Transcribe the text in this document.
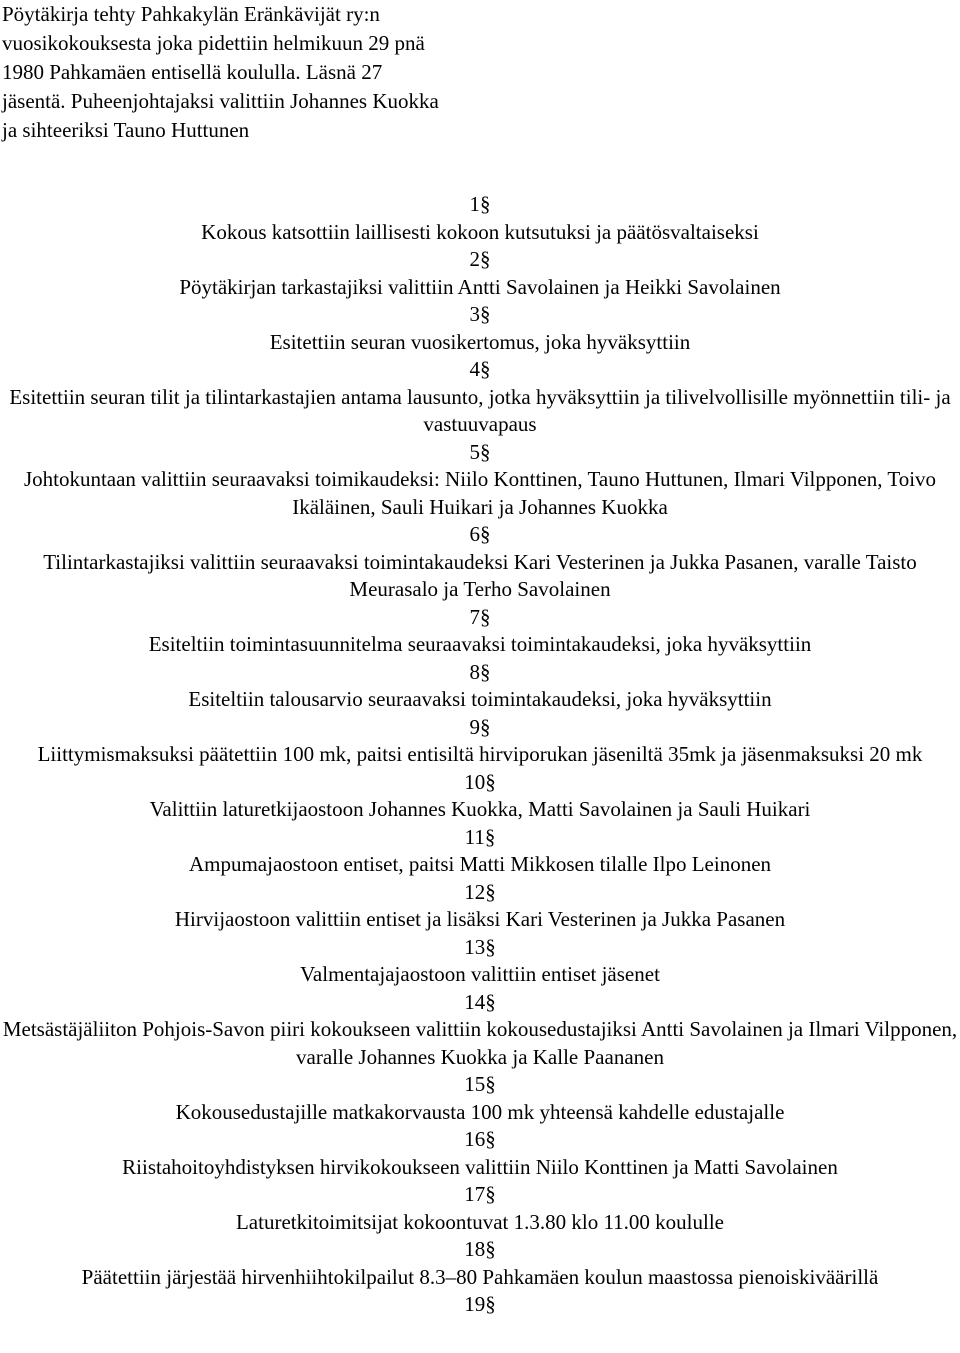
Pöytäkirja tehty Pahkakylän Eränkävijät ry:n
vuosikokouksesta joka pidettiin helmikuun 29 pnä
1980 Pahkamäen entisellä koululla. Läsnä 27
jäsentä. Puheenjohtajaksi valittiin Johannes Kuokka
ja sihteeriksi Tauno Huttunen
1§
Kokous katsottiin laillisesti kokoon kutsutuksi ja päätösvaltaiseksi
2§
Pöytäkirjan tarkastajiksi valittiin Antti Savolainen ja Heikki Savolainen
3§
Esitettiin seuran vuosikertomus, joka hyväksyttiin
4§
Esitettiin seuran tilit ja tilintarkastajien antama lausunto, jotka hyväksyttiin ja tilivelvollisille myönnettiin tili- ja vastuuvapaus
5§
Johtokuntaan valittiin seuraavaksi toimikaudeksi: Niilo Konttinen, Tauno Huttunen, Ilmari Vilpponen, Toivo Ikäläinen, Sauli Huikari ja Johannes Kuokka
6§
Tilintarkastajiksi valittiin seuraavaksi toimintakaudeksi Kari Vesterinen ja Jukka Pasanen, varalle Taisto Meurasalo ja Terho Savolainen
7§
Esiteltiin toimintasuunnitelma seuraavaksi toimintakaudeksi, joka hyväksyttiin
8§
Esiteltiin talousarvio seuraavaksi toimintakaudeksi, joka hyväksyttiin
9§
Liittymismaksuksi päätettiin 100 mk, paitsi entisiltä hirviporukan jäseniltä 35mk ja jäsenmaksuksi 20 mk
10§
Valittiin laturetkijaostoon Johannes Kuokka, Matti Savolainen ja Sauli Huikari
11§
Ampumajaostoon entiset, paitsi Matti Mikkosen tilalle Ilpo Leinonen
12§
Hirvijaostoon valittiin entiset ja lisäksi Kari Vesterinen ja Jukka Pasanen
13§
Valmentajajaostoon valittiin entiset jäsenet
14§
Metsästäjäliiton Pohjois-Savon piiri kokoukseen valittiin kokousedustajiksi Antti Savolainen ja Ilmari Vilpponen, varalle Johannes Kuokka ja Kalle Paananen
15§
Kokousedustajille matkakorvausta 100 mk yhteensä kahdelle edustajalle
16§
Riistahoitoyhdistyksen hirvikokoukseen valittiin Niilo Konttinen ja Matti Savolainen
17§
Laturetkitoimitsijat kokoontuvat 1.3.80 klo 11.00 koululle
18§
Päätettiin järjestää hirvenhiihtokilpailut 8.3–80 Pahkamäen koulun maastossa pienoiskiväärillä
19§
